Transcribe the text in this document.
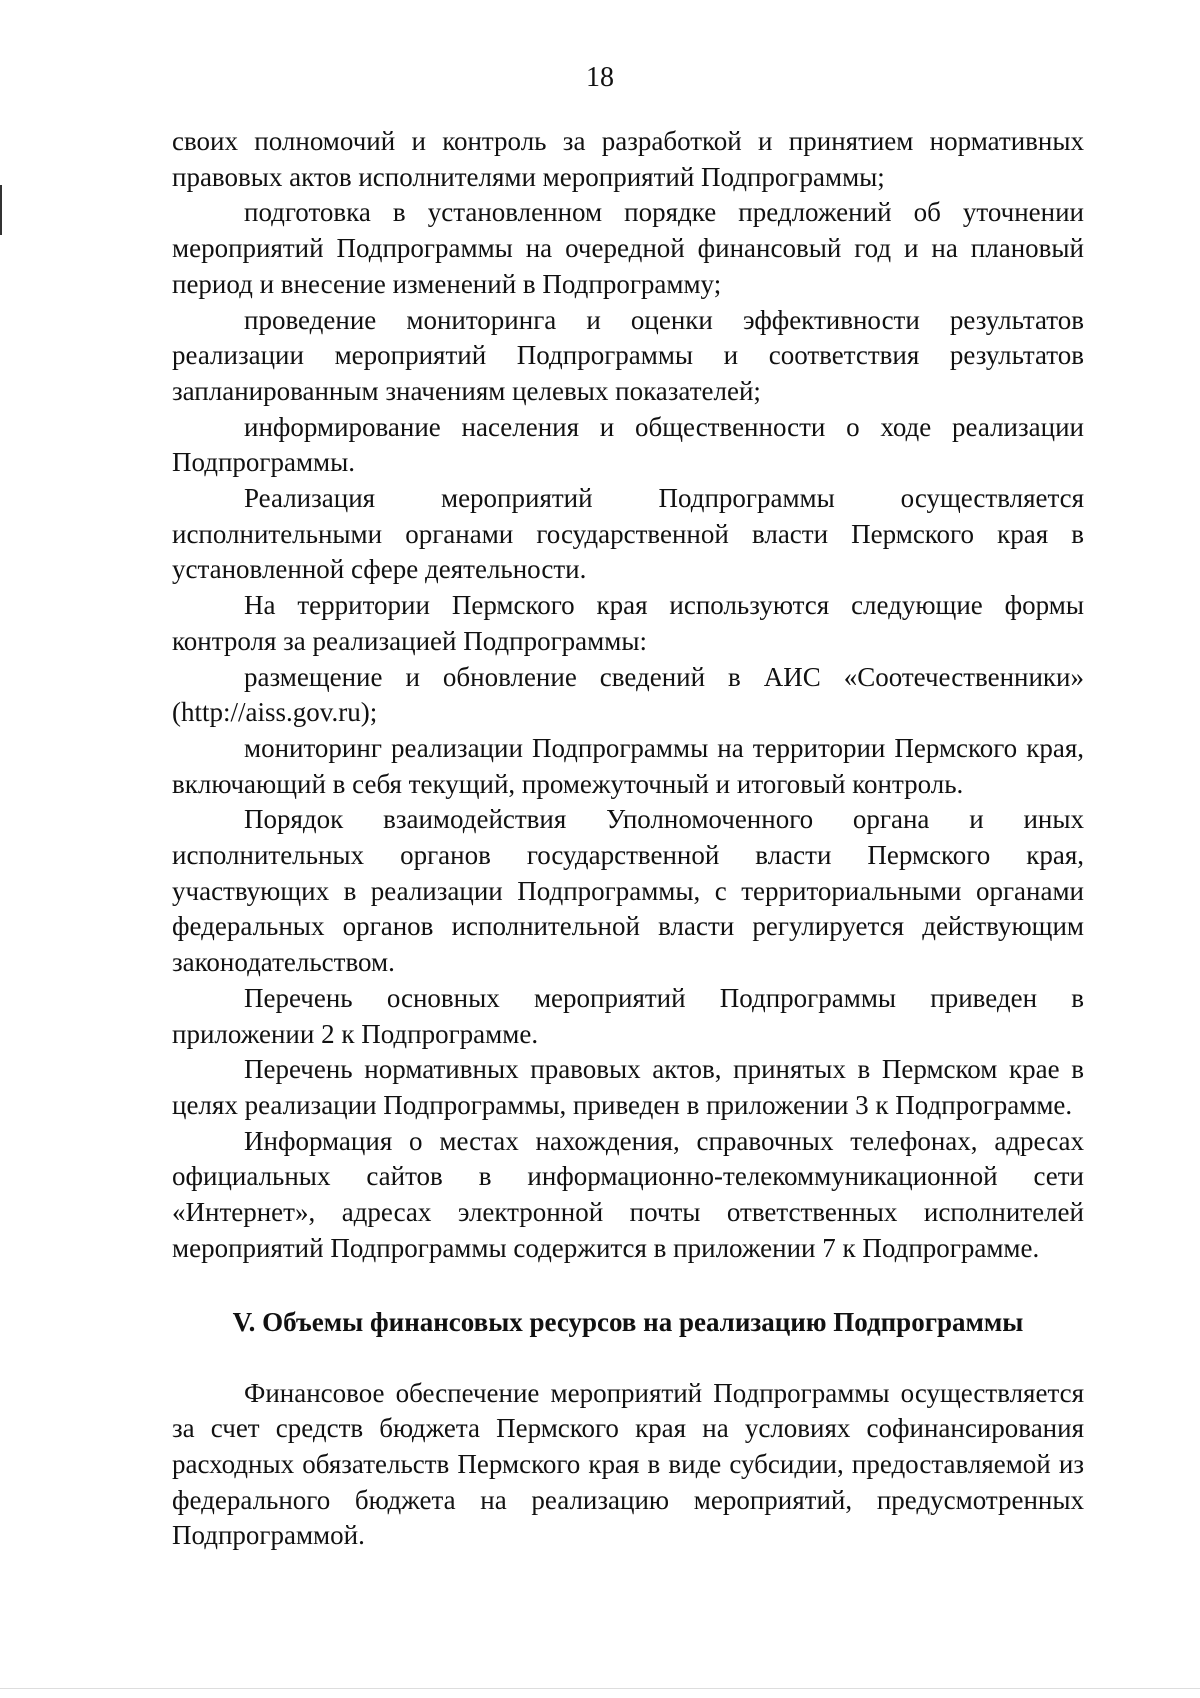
18

своих полномочий и контроль за разработкой и принятием нормативных правовых актов исполнителями мероприятий Подпрограммы;

подготовка в установленном порядке предложений об уточнении мероприятий Подпрограммы на очередной финансовый год и на плановый период и внесение изменений в Подпрограмму;

проведение мониторинга и оценки эффективности результатов реализации мероприятий Подпрограммы и соответствия результатов запланированным значениям целевых показателей;

информирование населения и общественности о ходе реализации Подпрограммы.

Реализация мероприятий Подпрограммы осуществляется исполнительными органами государственной власти Пермского края в установленной сфере деятельности.

На территории Пермского края используются следующие формы контроля за реализацией Подпрограммы:

размещение и обновление сведений в АИС «Соотечественники» (http://aiss.gov.ru);

мониторинг реализации Подпрограммы на территории Пермского края, включающий в себя текущий, промежуточный и итоговый контроль.

Порядок взаимодействия Уполномоченного органа и иных исполнительных органов государственной власти Пермского края, участвующих в реализации Подпрограммы, с территориальными органами федеральных органов исполнительной власти регулируется действующим законодательством.

Перечень основных мероприятий Подпрограммы приведен в приложении 2 к Подпрограмме.

Перечень нормативных правовых актов, принятых в Пермском крае в целях реализации Подпрограммы, приведен в приложении 3 к Подпрограмме.

Информация о местах нахождения, справочных телефонах, адресах официальных сайтов в информационно-телекоммуникационной сети «Интернет», адресах электронной почты ответственных исполнителей мероприятий Подпрограммы содержится в приложении 7 к Подпрограмме.

V. Объемы финансовых ресурсов на реализацию Подпрограммы

Финансовое обеспечение мероприятий Подпрограммы осуществляется за счет средств бюджета Пермского края на условиях софинансирования расходных обязательств Пермского края в виде субсидии, предоставляемой из федерального бюджета на реализацию мероприятий, предусмотренных Подпрограммой.
